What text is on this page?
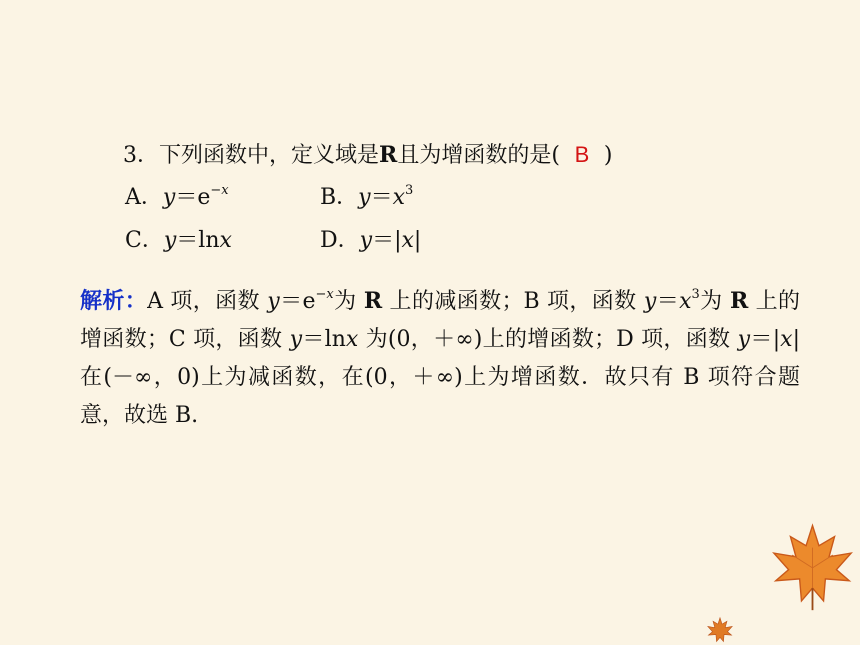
3．下列函数中，定义域是R且为增函数的是( B )
A．$y=e^{-x}$	B．$y=x^3$
C．y＝lnx	D．y＝|x|
解析：A 项，函数 $y=e^{-x}$为 R 上的减函数；B 项，函数 $y=x^3$为 R 上的增函数；C 项，函数 y＝lnx 为(0，＋∞)上的增函数；D 项，函数 y＝|x|在(－∞，0)上为减函数，在(0，＋∞)上为增函数．故只有 B 项符合题意，故选 B.
